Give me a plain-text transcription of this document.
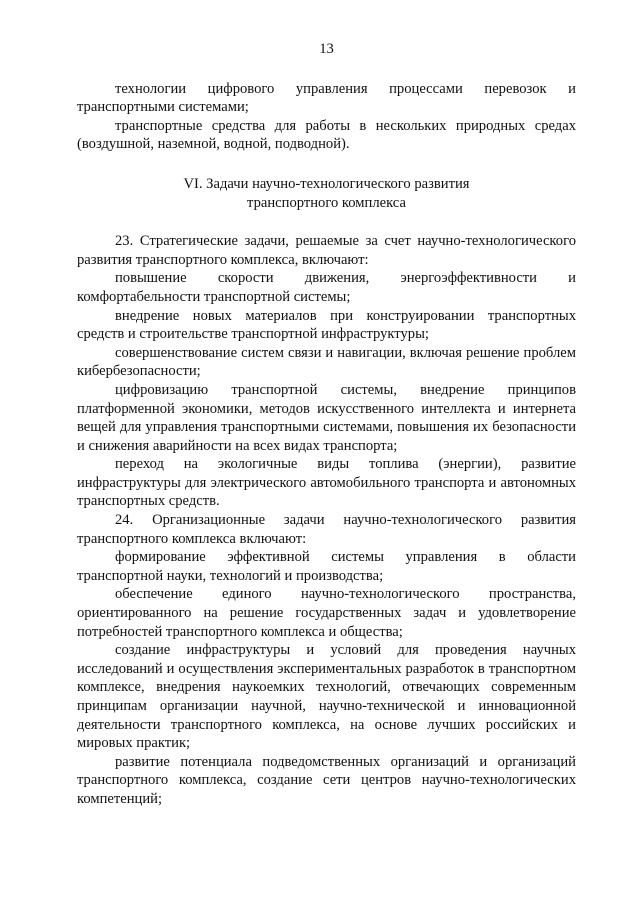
13

технологии цифрового управления процессами перевозок и транспортными системами;

транспортные средства для работы в нескольких природных средах (воздушной, наземной, водной, подводной).

VI. Задачи научно-технологического развития
транспортного комплекса

23. Стратегические задачи, решаемые за счет научно-технологического развития транспортного комплекса, включают:

повышение скорости движения, энергоэффективности и комфортабельности транспортной системы;

внедрение новых материалов при конструировании транспортных средств и строительстве транспортной инфраструктуры;

совершенствование систем связи и навигации, включая решение проблем кибербезопасности;

цифровизацию транспортной системы, внедрение принципов платформенной экономики, методов искусственного интеллекта и интернета вещей для управления транспортными системами, повышения их безопасности и снижения аварийности на всех видах транспорта;

переход на экологичные виды топлива (энергии), развитие инфраструктуры для электрического автомобильного транспорта и автономных транспортных средств.

24. Организационные задачи научно-технологического развития транспортного комплекса включают:

формирование эффективной системы управления в области транспортной науки, технологий и производства;

обеспечение единого научно-технологического пространства, ориентированного на решение государственных задач и удовлетворение потребностей транспортного комплекса и общества;

создание инфраструктуры и условий для проведения научных исследований и осуществления экспериментальных разработок в транспортном комплексе, внедрения наукоемких технологий, отвечающих современным принципам организации научной, научно-технической и инновационной деятельности транспортного комплекса, на основе лучших российских и мировых практик;

развитие потенциала подведомственных организаций и организаций транспортного комплекса, создание сети центров научно-технологических компетенций;
